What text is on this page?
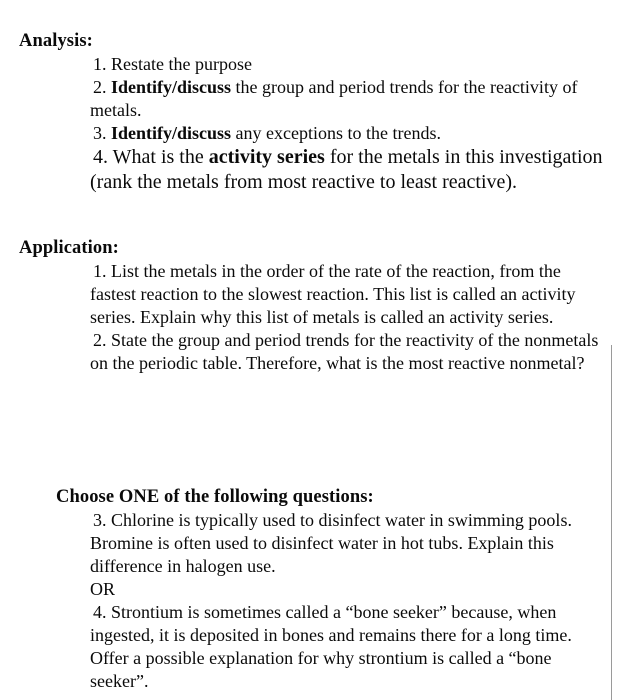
Analysis:
1. Restate the purpose
2. Identify/discuss the group and period trends for the reactivity of metals.
3. Identify/discuss any exceptions to the trends.
4. What is the activity series for the metals in this investigation (rank the metals from most reactive to least reactive).
Application:
1. List the metals in the order of the rate of the reaction, from the fastest reaction to the slowest reaction. This list is called an activity series. Explain why this list of metals is called an activity series.
2. State the group and period trends for the reactivity of the nonmetals on the periodic table. Therefore, what is the most reactive nonmetal?
Choose ONE of the following questions:
3. Chlorine is typically used to disinfect water in swimming pools. Bromine is often used to disinfect water in hot tubs. Explain this difference in halogen use.
OR
4. Strontium is sometimes called a “bone seeker” because, when ingested, it is deposited in bones and remains there for a long time. Offer a possible explanation for why strontium is called a “bone seeker”.
